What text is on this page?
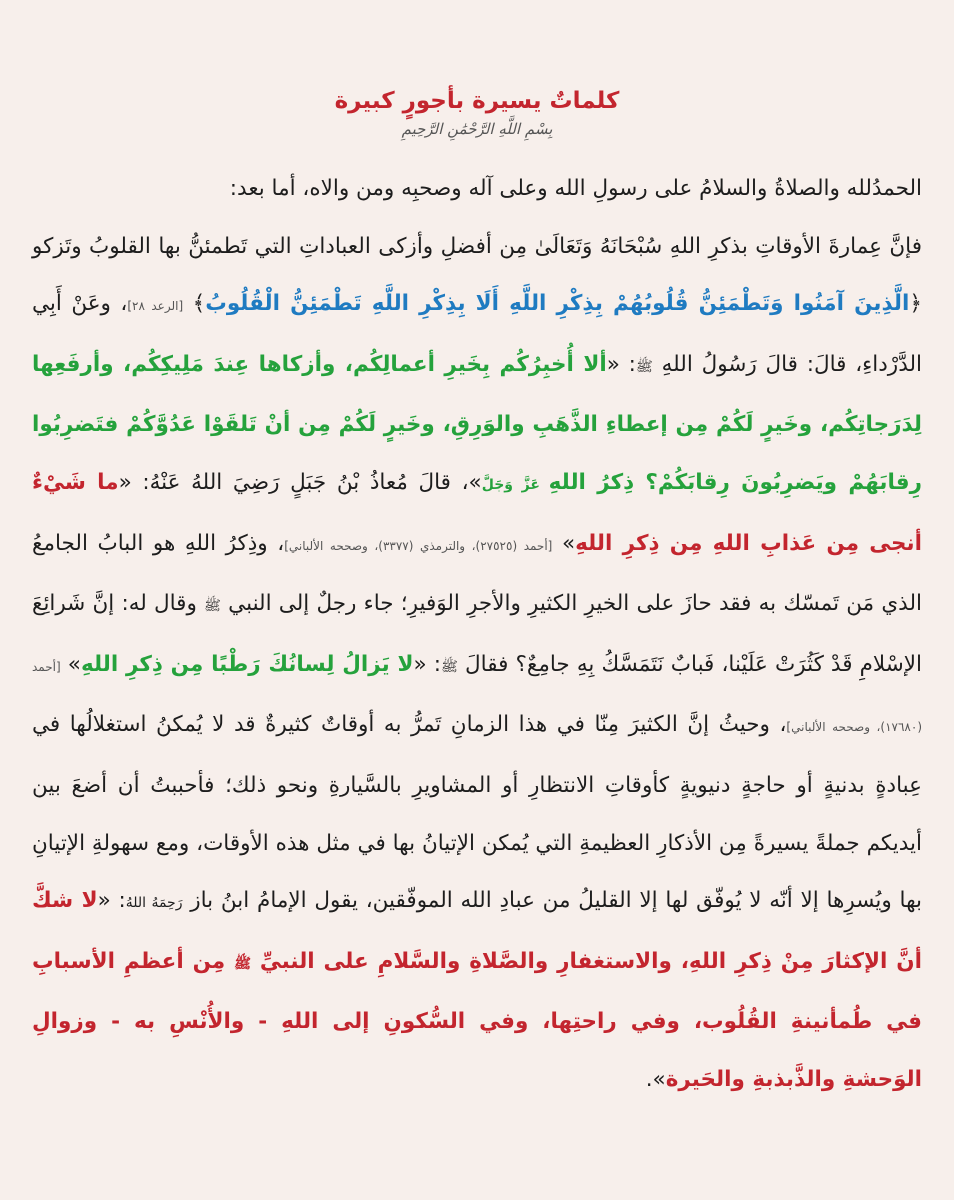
كلماتٌ يسيرة بأجورٍ كبيرة
بِسْمِ اللَّهِ الرَّحْمَٰنِ الرَّحِيمِ

الحمدُلله والصلاةُ والسلامُ على رسولِ الله وعلى آله وصحبِه ومن والاه، أما بعد:

فإنَّ عِمارةَ الأوقاتِ بذكرِ اللهِ سُبْحَانَهُ وَتَعَالَىٰ مِن أفضلِ وأزكى العباداتِ التي تَطمئنُّ بها القلوبُ وتَزكو ﴿الَّذِينَ آمَنُوا وَتَطْمَئِنُّ قُلُوبُهُمْ بِذِكْرِ اللَّهِ أَلَا بِذِكْرِ اللَّهِ تَطْمَئِنُّ الْقُلُوبُ﴾ [الرعد ٢٨]، وعَنْ أَبِي الدَّرْداءِ، قالَ: قالَ رَسُولُ اللهِ ﷺ: «ألا أُخبِرُكُم بِخَيرِ أعمالِكُم، وأزكاها عِندَ مَلِيكِكُم، وأرفَعِها لِدَرَجاتِكُم، وخَيرٍ لَكُمْ مِن إعطاءِ الذَّهَبِ والوَرِقِ، وخَيرٍ لَكُمْ مِن أنْ تَلقَوْا عَدُوَّكُمْ فتَضرِبُوا رِقابَهُمْ ويَضرِبُونَ رِقابَكُمْ؟ ذِكرُ اللهِ عَزَّ وَجَلَّ»، قالَ مُعاذُ بْنُ جَبَلٍ رَضِيَ اللهُ عَنْهُ: «ما شَيْءٌ أنجى مِن عَذابِ اللهِ مِن ذِكرِ اللهِ» [أحمد (٢٧٥٢٥)، والترمذي (٣٣٧٧)، وصححه الألباني]، وذِكرُ اللهِ هو البابُ الجامعُ الذي مَن تَمسّك به فقد حازَ على الخيرِ الكثيرِ والأجرِ الوَفيرِ؛ جاء رجلٌ إلى النبي ﷺ وقال له: إنَّ شَرائِعَ الإسْلامِ قَدْ كَثُرَتْ عَلَيْنا، فَبابٌ نَتَمَسَّكُ بِهِ جامِعٌ؟ فقالَ ﷺ: «لا يَزالُ لِسانُكَ رَطْبًا مِن ذِكرِ اللهِ» [أحمد (١٧٦٨٠)، وصححه الألباني]، وحيثُ إنَّ الكثيرَ مِنّا في هذا الزمانِ تَمرُّ به أوقاتٌ كثيرةٌ قد لا يُمكنُ استغلالُها في عِبادةٍ بدنيةٍ أو حاجةٍ دنيويةٍ كأوقاتِ الانتظارِ أو المشاويرِ بالسَّيارةِ ونحو ذلك؛ فأحببتُ أن أضعَ بين أيديكم جملةً يسيرةً مِن الأذكارِ العظيمةِ التي يُمكن الإتيانُ بها في مثل هذه الأوقات، ومع سهولةِ الإتيانِ بها ويُسرِها إلا أنّه لا يُوفّق لها إلا القليلُ من عبادِ الله الموفّقين، يقول الإمامُ ابنُ باز رَحِمَهُ اللهُ: «لا شكَّ أنَّ الإكثارَ مِنْ ذِكرِ اللهِ، والاستغفارِ والصَّلاةِ والسَّلامِ على النبيِّ ﷺ مِن أعظمِ الأسبابِ في طُمأنينةِ القُلُوب، وفي راحتِها، وفي السُّكونِ إلى اللهِ - والأُنْسِ به - وزوالِ الوَحشةِ والذَّبذبةِ والحَيرة».
